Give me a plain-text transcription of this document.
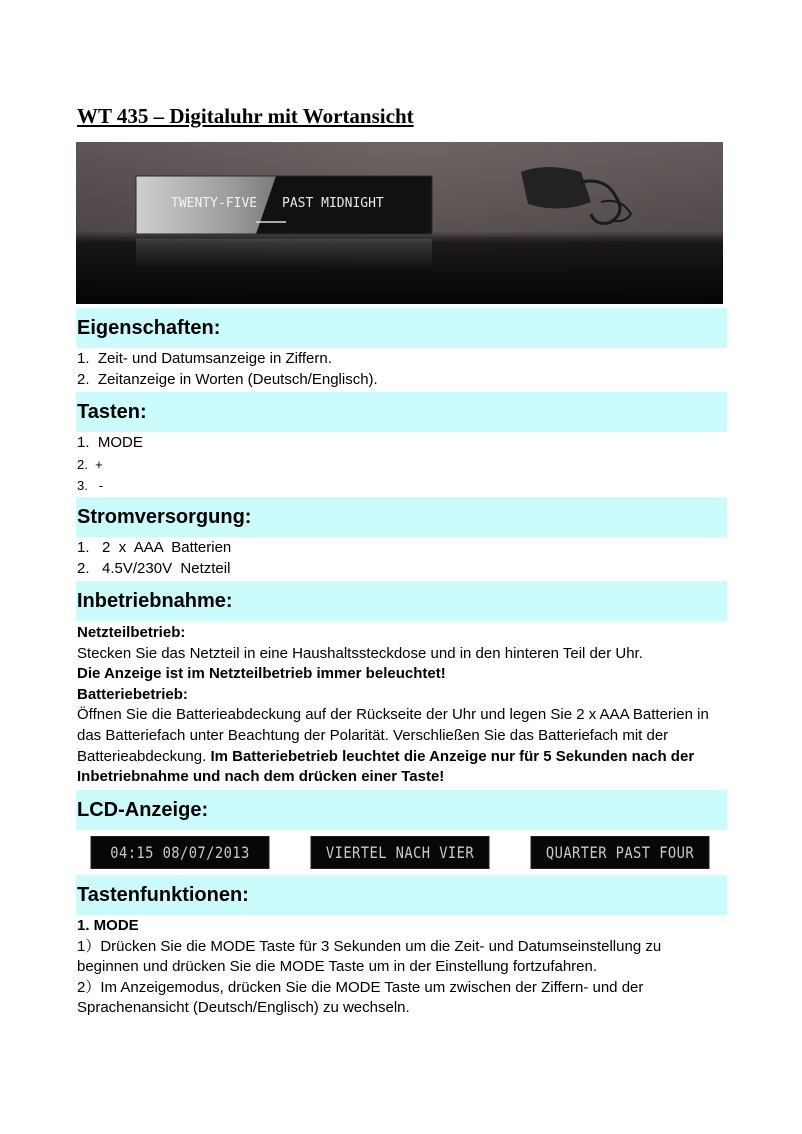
WT 435 – Digitaluhr mit Wortansicht
TWENTY-FIVE PAST MIDNIGHT
Eigenschaften:

1. Zeit- und Datumsanzeige in Ziffern.

2. Zeitanzeige in Worten (Deutsch/Englisch).

Tasten:

1. MODE

2. +

3. -

Stromversorgung:

1. 2  x  AAA  Batterien

2. 4.5V/230V  Netzteil

Inbetriebnahme:
Netzteilbetrieb:
Stecken Sie das Netzteil in eine Haushaltssteckdose und in den hinteren Teil der Uhr.
Die Anzeige ist im Netzteilbetrieb immer beleuchtet!
Batteriebetrieb:
Öffnen Sie die Batterieabdeckung auf der Rückseite der Uhr und legen Sie 2 x AAA Batterien in das Batteriefach unter Beachtung der Polarität. Verschließen Sie das Batteriefach mit der Batterieabdeckung. Im Batteriebetrieb leuchtet die Anzeige nur für 5 Sekunden nach der Inbetriebnahme und nach dem drücken einer Taste!
LCD-Anzeige:
04:15 08/07/2013	VIERTEL NACH VIER	QUARTER PAST FOUR
Tastenfunktionen:
1. MODE
1）Drücken Sie die MODE Taste für 3 Sekunden um die Zeit- und Datumseinstellung zu beginnen und drücken Sie die MODE Taste um in der Einstellung fortzufahren.
2）Im Anzeigemodus, drücken Sie die MODE Taste um zwischen der Ziffern- und der Sprachenansicht (Deutsch/Englisch) zu wechseln.
